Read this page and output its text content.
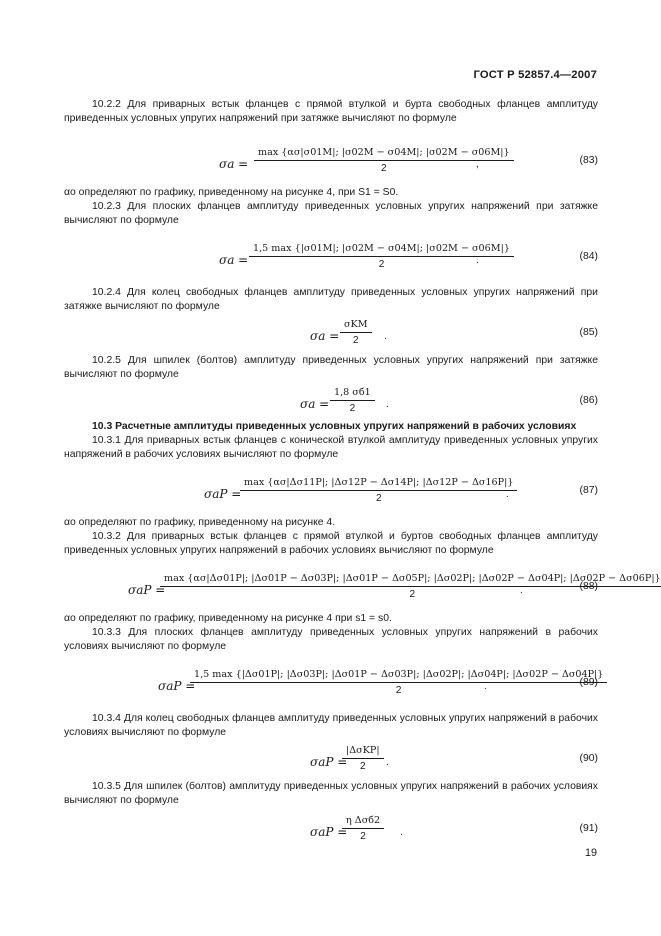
ГОСТ Р 52857.4—2007
10.2.2 Для приварных встык фланцев с прямой втулкой и бурта свободных фланцев амплитуду приведенных условных упругих напряжений при затяжке вычисляют по формуле
σa =
max {ασ|σ01M|; |σ02M − σ04M|; |σ02M − σ06M|}
2	,	(83)
αо определяют по графику, приведенному на рисунке 4, при S1 = S0.
10.2.3 Для плоских фланцев амплитуду приведенных условных упругих напряжений при затяжке вычисляют по формуле
σa =
1,5 max {|σ01M|; |σ02M − σ04M|; |σ02M − σ06M|}
2	.	(84)
10.2.4 Для колец свободных фланцев амплитуду приведенных условных упругих напряжений при затяжке вычисляют по формуле
σa =
σKM
2	.	(85)
10.2.5 Для шпилек (болтов) амплитуду приведенных условных упругих напряжений при затяжке вычисляют по формуле
σa =
1,8 σб1
2	.	(86)
10.3 Расчетные амплитуды приведенных условных упругих напряжений в рабочих условиях
10.3.1 Для приварных встык фланцев с конической втулкой амплитуду приведенных условных упругих напряжений в рабочих условиях вычисляют по формуле
σaP =
max {ασ|Δσ11P|; |Δσ12P − Δσ14P|; |Δσ12P − Δσ16P|}
2	.	(87)
αо определяют по графику, приведенному на рисунке 4.
10.3.2 Для приварных встык фланцев с прямой втулкой и буртов свободных фланцев амплитуду приведенных условных упругих напряжений в рабочих условиях вычисляют по формуле
σaP =
max {ασ|Δσ01P|; |Δσ01P − Δσ03P|; |Δσ01P − Δσ05P|; |Δσ02P|; |Δσ02P − Δσ04P|; |Δσ02P − Δσ06P|}
2	.	(88)
αо определяют по графику, приведенному на рисунке 4 при s1 = s0.
10.3.3 Для плоских фланцев амплитуду приведенных условных упругих напряжений в рабочих условиях вычисляют по формуле
σaP =
1,5 max {|Δσ01P|; |Δσ03P|; |Δσ01P − Δσ03P|; |Δσ02P|; |Δσ04P|; |Δσ02P − Δσ04P|}
2	.	(89)
10.3.4 Для колец свободных фланцев амплитуду приведенных условных упругих напряжений в рабочих условиях вычисляют по формуле
σaP =
|ΔσKP|
2	.	(90)
10.3.5 Для шпилек (болтов) амплитуду приведенных условных упругих напряжений в рабочих условиях вычисляют по формуле
σaP =
η Δσб2
2	.	(91)
19
